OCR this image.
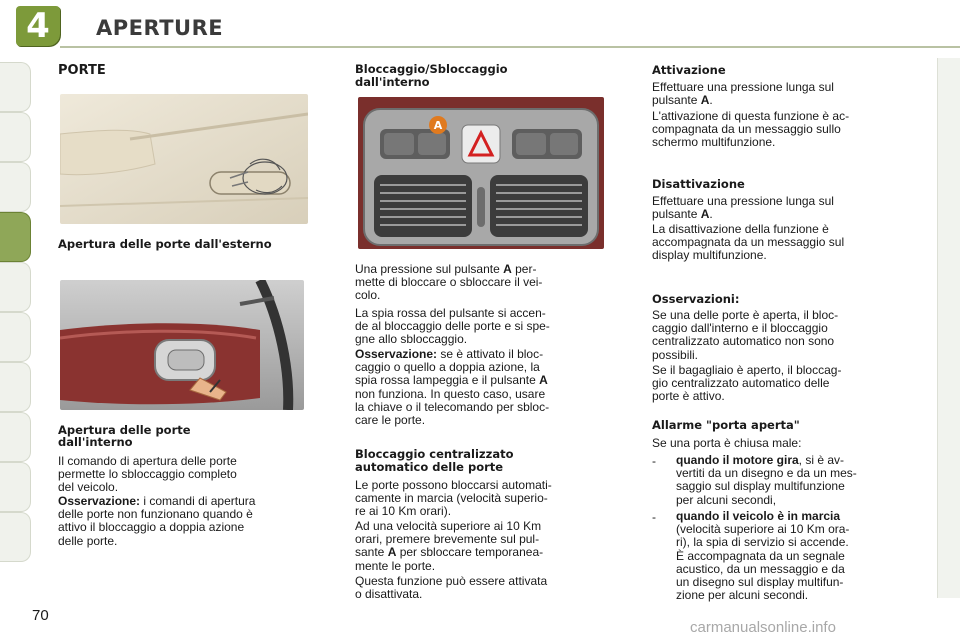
4	APERTURE
PORTE
Apertura delle porte dall'esterno
Apertura delle porte
dall'interno
Il comando di apertura delle porte
permette lo sbloccaggio completo
del veicolo.
Osservazione: i comandi di apertura
delle porte non funzionano quando è
attivo il bloccaggio a doppia azione
delle porte.
Bloccaggio/Sbloccaggio
dall'interno
A
Una pressione sul pulsante A per-
mette di bloccare o sbloccare il vei-
colo.
La spia rossa del pulsante si accen-
de al bloccaggio delle porte e si spe-
gne allo sbloccaggio.
Osservazione: se è attivato il bloc-
caggio o quello a doppia azione, la
spia rossa lampeggia e il pulsante A
non funziona. In questo caso, usare
la chiave o il telecomando per sbloc-
care le porte.
Bloccaggio centralizzato
automatico delle porte
Le porte possono bloccarsi automati-
camente in marcia (velocità superio-
re ai 10 Km orari).
Ad una velocità superiore ai 10 Km
orari, premere brevemente sul pul-
sante A per sbloccare temporanea-
mente le porte.
Questa funzione può essere attivata
o disattivata.
Attivazione
Effettuare una pressione lunga sul
pulsante A.
L'attivazione di questa funzione è ac-
compagnata da un messaggio sullo
schermo multifunzione.
Disattivazione
Effettuare una pressione lunga sul
pulsante A.
La disattivazione della funzione è
accompagnata da un messaggio sul
display multifunzione.
Osservazioni:
Se una delle porte è aperta, il bloc-
caggio dall'interno e il bloccaggio
centralizzato automatico non sono
possibili.
Se il bagagliaio è aperto, il bloccag-
gio centralizzato automatico delle
porte è attivo.
Allarme "porta aperta"
Se una porta è chiusa male:
- quando il motore gira, si è av-
vertiti da un disegno e da un mes-
saggio sul display multifunzione
per alcuni secondi,
- quando il veicolo è in marcia
(velocità superiore ai 10 Km ora-
ri), la spia di servizio si accende.
È accompagnata da un segnale
acustico, da un messaggio e da
un disegno sul display multifun-
zione per alcuni secondi.
70
carmanualsonline.info
